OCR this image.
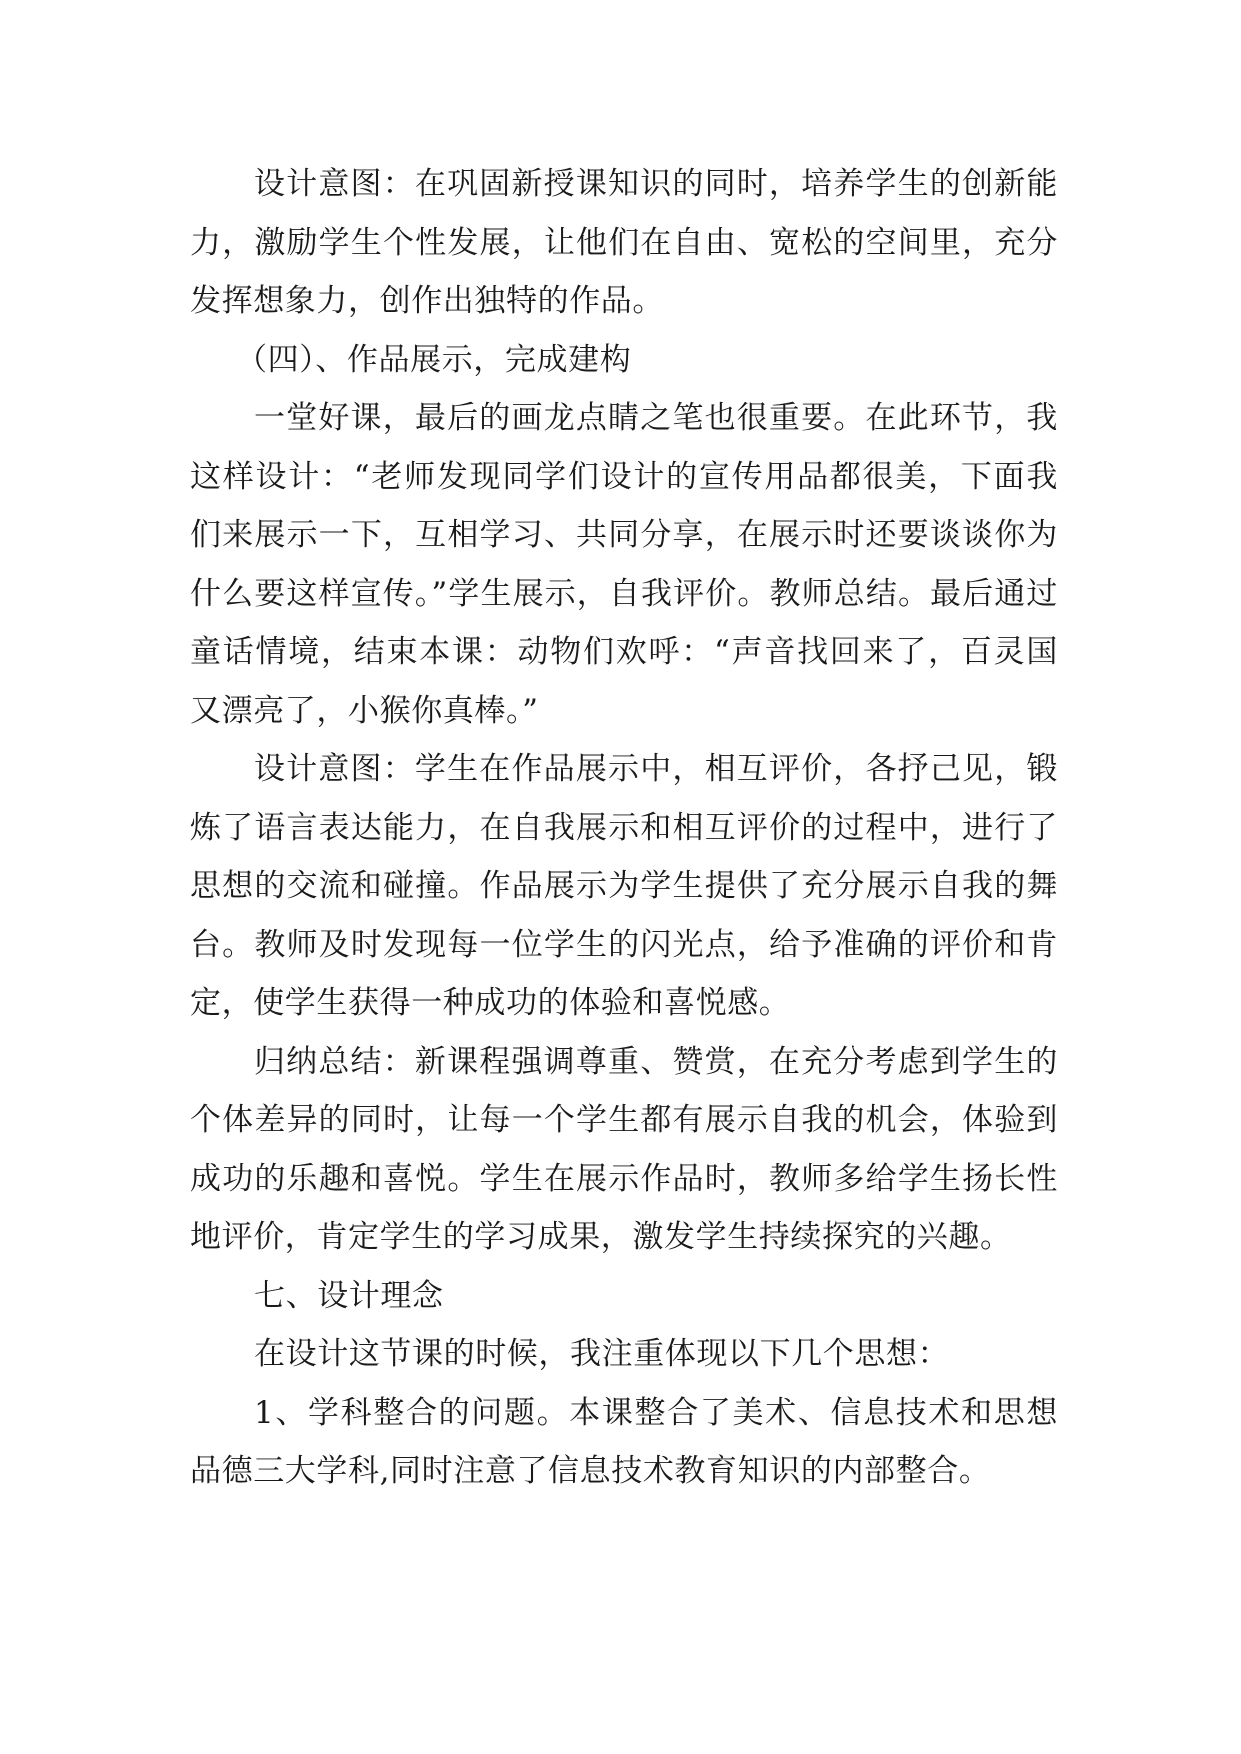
设计意图：在巩固新授课知识的同时，培养学生的创新能力，激励学生个性发展，让他们在自由、宽松的空间里，充分发挥想象力，创作出独特的作品。

（四）、作品展示，完成建构

一堂好课，最后的画龙点睛之笔也很重要。在此环节，我这样设计：“老师发现同学们设计的宣传用品都很美，下面我们来展示一下，互相学习、共同分享，在展示时还要谈谈你为什么要这样宣传。”学生展示，自我评价。教师总结。最后通过童话情境，结束本课：动物们欢呼：“声音找回来了，百灵国又漂亮了，小猴你真棒。”

设计意图：学生在作品展示中，相互评价，各抒己见，锻炼了语言表达能力，在自我展示和相互评价的过程中，进行了思想的交流和碰撞。作品展示为学生提供了充分展示自我的舞台。教师及时发现每一位学生的闪光点，给予准确的评价和肯定，使学生获得一种成功的体验和喜悦感。

归纳总结：新课程强调尊重、赞赏，在充分考虑到学生的个体差异的同时，让每一个学生都有展示自我的机会，体验到成功的乐趣和喜悦。学生在展示作品时，教师多给学生扬长性地评价，肯定学生的学习成果，激发学生持续探究的兴趣。

七、设计理念

在设计这节课的时候，我注重体现以下几个思想：

1、学科整合的问题。本课整合了美术、信息技术和思想品德三大学科,同时注意了信息技术教育知识的内部整合。
